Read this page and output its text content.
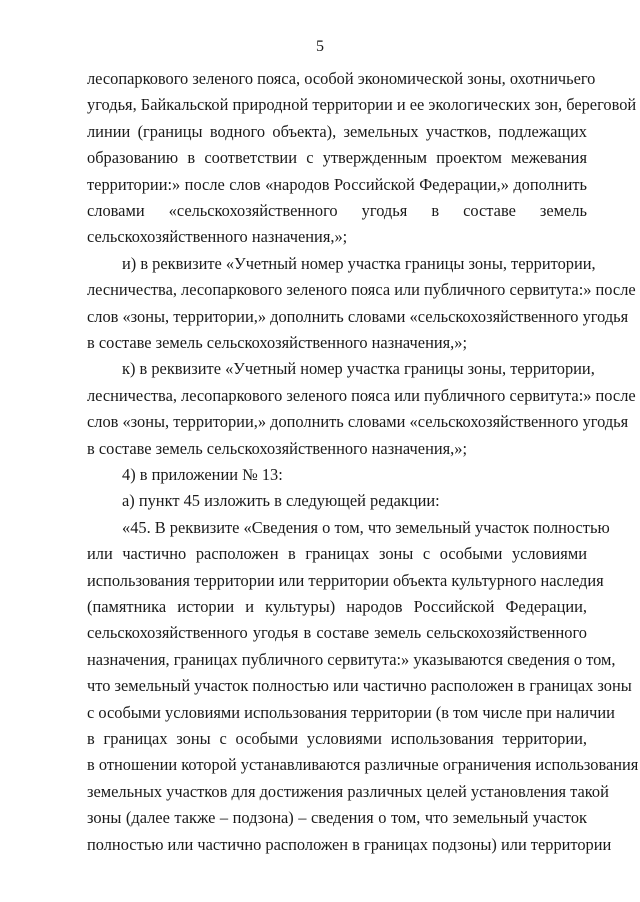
5
лесопаркового зеленого пояса, особой экономической зоны, охотничьего
угодья, Байкальской природной территории и ее экологических зон, береговой
линии (границы водного объекта), земельных участков, подлежащих
образованию в соответствии с утвержденным проектом межевания
территории:» после слов «народов Российской Федерации,» дополнить
словами «сельскохозяйственного угодья в составе земель
сельскохозяйственного назначения,»;
и) в реквизите «Учетный номер участка границы зоны, территории,
лесничества, лесопаркового зеленого пояса или публичного сервитута:» после
слов «зоны, территории,» дополнить словами «сельскохозяйственного угодья
в составе земель сельскохозяйственного назначения,»;
к) в реквизите «Учетный номер участка границы зоны, территории,
лесничества, лесопаркового зеленого пояса или публичного сервитута:» после
слов «зоны, территории,» дополнить словами «сельскохозяйственного угодья
в составе земель сельскохозяйственного назначения,»;
4) в приложении № 13:
а) пункт 45 изложить в следующей редакции:
«45. В реквизите «Сведения о том, что земельный участок полностью
или частично расположен в границах зоны с особыми условиями
использования территории или территории объекта культурного наследия
(памятника истории и культуры) народов Российской Федерации,
сельскохозяйственного угодья в составе земель сельскохозяйственного
назначения, границах публичного сервитута:» указываются сведения о том,
что земельный участок полностью или частично расположен в границах зоны
с особыми условиями использования территории (в том числе при наличии
в границах зоны с особыми условиями использования территории,
в отношении которой устанавливаются различные ограничения использования
земельных участков для достижения различных целей установления такой
зоны (далее также – подзона) – сведения о том, что земельный участок
полностью или частично расположен в границах подзоны) или территории
